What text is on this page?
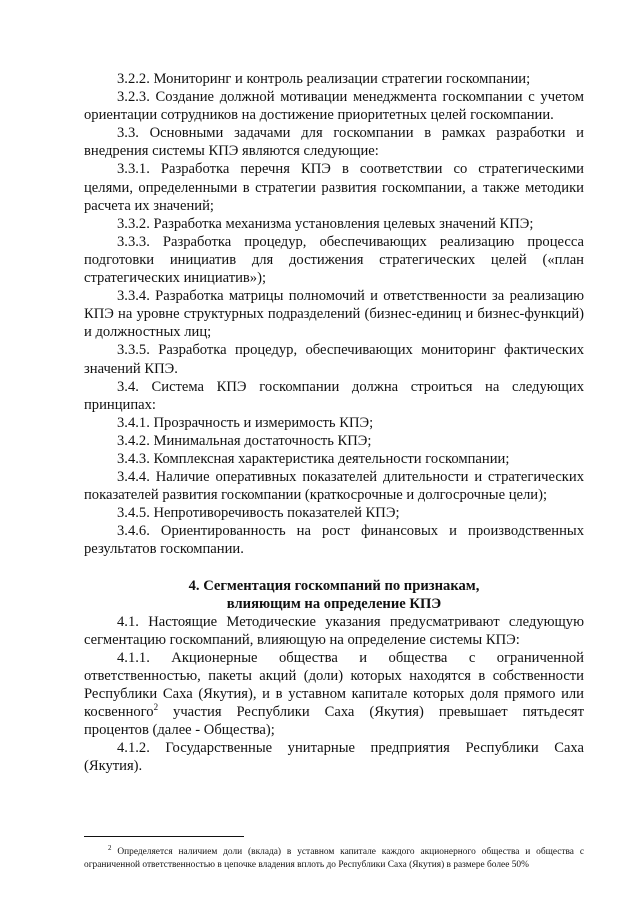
3.2.2. Мониторинг и контроль реализации стратегии госкомпании;

3.2.3. Создание должной мотивации менеджмента госкомпании с учетом ориентации сотрудников на достижение приоритетных целей госкомпании.

3.3. Основными задачами для госкомпании в рамках разработки и внедрения системы КПЭ являются следующие:

3.3.1. Разработка перечня КПЭ в соответствии со стратегическими целями, определенными в стратегии развития госкомпании, а также методики расчета их значений;

3.3.2. Разработка механизма установления целевых значений КПЭ;

3.3.3. Разработка процедур, обеспечивающих реализацию процесса подготовки инициатив для достижения стратегических целей («план стратегических инициатив»);

3.3.4. Разработка матрицы полномочий и ответственности за реализацию КПЭ на уровне структурных подразделений (бизнес-единиц и бизнес-функций) и должностных лиц;

3.3.5. Разработка процедур, обеспечивающих мониторинг фактических значений КПЭ.

3.4. Система КПЭ госкомпании должна строиться на следующих принципах:

3.4.1. Прозрачность и измеримость КПЭ;

3.4.2. Минимальная достаточность КПЭ;

3.4.3. Комплексная характеристика деятельности госкомпании;

3.4.4. Наличие оперативных показателей длительности и стратегических показателей развития госкомпании (краткосрочные и долгосрочные цели);

3.4.5. Непротиворечивость показателей КПЭ;

3.4.6. Ориентированность на рост финансовых и производственных результатов госкомпании.

4. Сегментация госкомпаний по признакам,

влияющим на определение КПЭ

4.1. Настоящие Методические указания предусматривают следующую сегментацию госкомпаний, влияющую на определение системы КПЭ:

4.1.1. Акционерные общества и общества с ограниченной ответственностью, пакеты акций (доли) которых находятся в собственности Республики Саха (Якутия), и в уставном капитале которых доля прямого или косвенного$^2$ участия Республики Саха (Якутия) превышает пятьдесят процентов (далее - Общества);

4.1.2. Государственные унитарные предприятия Республики Саха (Якутия).

$^2$ Определяется наличием доли (вклада) в уставном капитале каждого акционерного общества и общества с ограниченной ответственностью в цепочке владения вплоть до Республики Саха (Якутия) в размере более 50%
